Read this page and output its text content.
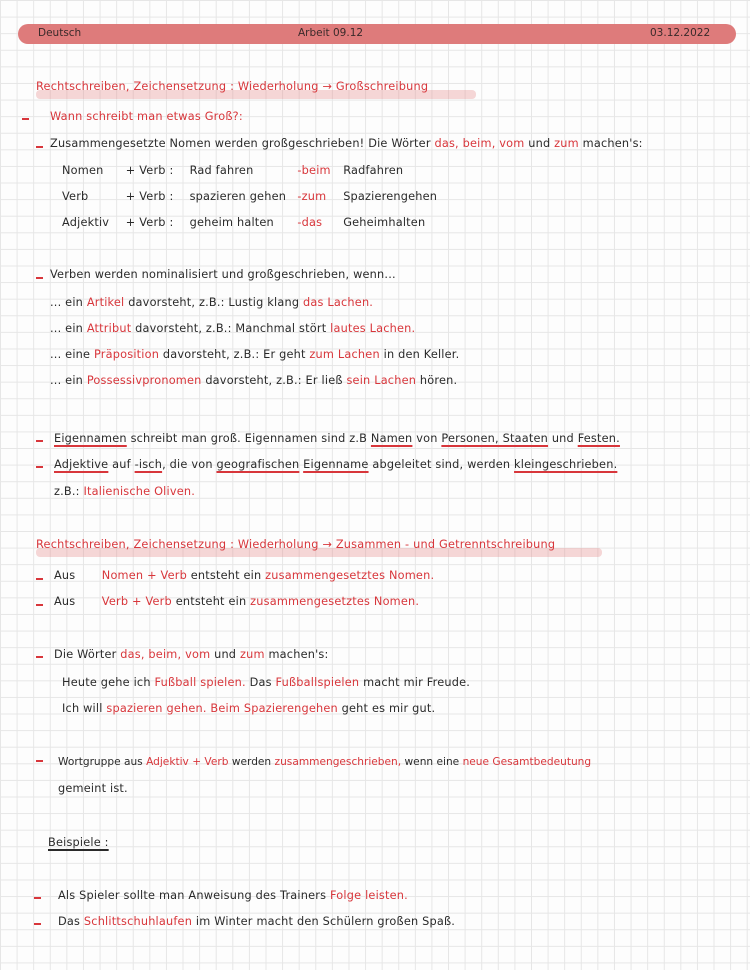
Deutsch	Arbeit 09.12	03.12.2022
Rechtschreiben, Zeichensetzung : Wiederholung → Großschreibung
Wann schreibt man etwas Groß?:
Zusammengesetzte Nomen werden großgeschrieben! Die Wörter das, beim, vom und zum machen's:
Nomen + Verb : Rad fahren	-beim Radfahren
Verb	+ Verb : spazieren gehen -zum Spazierengehen
Adjektiv + Verb : geheim halten -das Geheimhalten
Verben werden nominalisiert und großgeschrieben, wenn...
... ein Artikel davorsteht, z.B.: Lustig klang das Lachen.
... ein Attribut davorsteht, z.B.: Manchmal stört lautes Lachen.
... eine Präposition davorsteht, z.B.: Er geht zum Lachen in den Keller.
... ein Possessivpronomen davorsteht, z.B.: Er ließ sein Lachen hören.
Eigennamen schreibt man groß. Eigennamen sind z.B Namen von Personen, Staaten und Festen.
Adjektive auf -isch, die von geografischen Eigenname abgeleitet sind, werden kleingeschrieben.
z.B.: Italienische Oliven.
Rechtschreiben, Zeichensetzung : Wiederholung → Zusammen - und Getrenntschreibung
Aus Nomen + Verb entsteht ein zusammengesetztes Nomen.
Aus Verb + Verb entsteht ein zusammengesetztes Nomen.
Die Wörter das, beim, vom und zum machen's:
Heute gehe ich Fußball spielen. Das Fußballspielen macht mir Freude.
Ich will spazieren gehen. Beim Spazierengehen geht es mir gut.
Wortgruppe aus Adjektiv + Verb werden zusammengeschrieben, wenn eine neue Gesamtbedeutung
gemeint ist.
Beispiele :
Als Spieler sollte man Anweisung des Trainers Folge leisten.
Das Schlittschuhlaufen im Winter macht den Schülern großen Spaß.
